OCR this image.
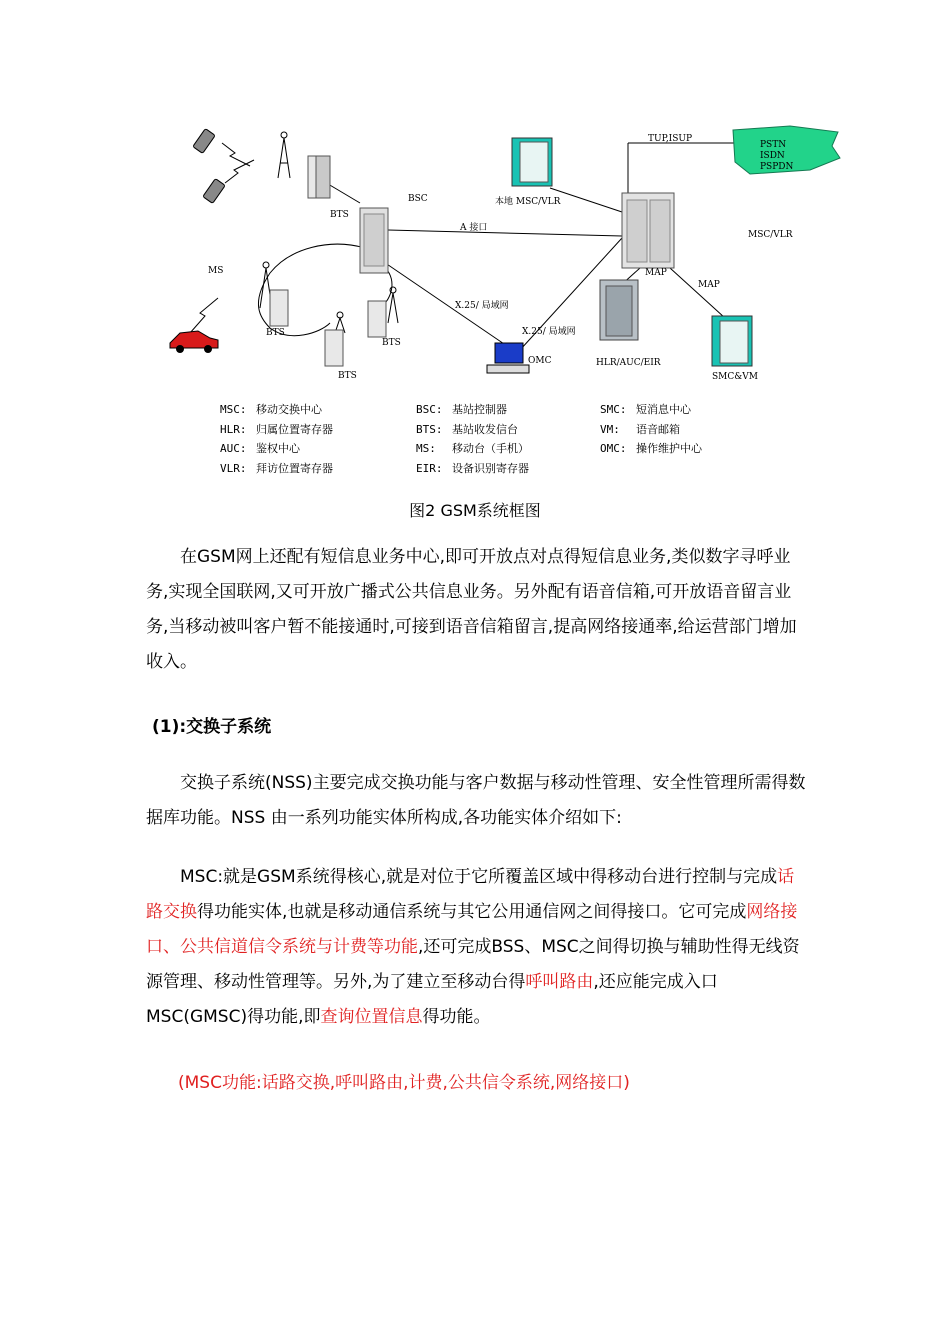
BTS
BSC
A 接口
本地 MSC/VLR
TUP,ISUP
PSTN
ISDN
PSPDN
MSC/VLR
MAP
MAP
MS
X.25/ 局域网
X.25/ 局域网
OMC	HLR/AUC/EIR
SMC&VM
BTS
BTS
BTS
MSC: 移动交换中心
HLR: 归属位置寄存器
AUC: 鉴权中心
VLR: 拜访位置寄存器
BSC: 基站控制器
BTS: 基站收发信台
MS: 移动台（手机）
EIR: 设备识别寄存器
SMC: 短消息中心
VM: 语音邮箱
OMC: 操作维护中心
图2 GSM系统框图
在GSM网上还配有短信息业务中心,即可开放点对点得短信息业务,类似数字寻呼业务,实现全国联网,又可开放广播式公共信息业务。另外配有语音信箱,可开放语音留言业务,当移动被叫客户暂不能接通时,可接到语音信箱留言,提高网络接通率,给运营部门增加收入。
(1):交换子系统
交换子系统(NSS)主要完成交换功能与客户数据与移动性管理、安全性管理所需得数据库功能。NSS 由一系列功能实体所构成,各功能实体介绍如下:
MSC:就是GSM系统得核心,就是对位于它所覆盖区域中得移动台进行控制与完成话路交换得功能实体,也就是移动通信系统与其它公用通信网之间得接口。它可完成网络接口、公共信道信令系统与计费等功能,还可完成BSS、MSC之间得切换与辅助性得无线资源管理、移动性管理等。另外,为了建立至移动台得呼叫路由,还应能完成入口MSC(GMSC)得功能,即查询位置信息得功能。
(MSC功能:话路交换,呼叫路由,计费,公共信令系统,网络接口)
